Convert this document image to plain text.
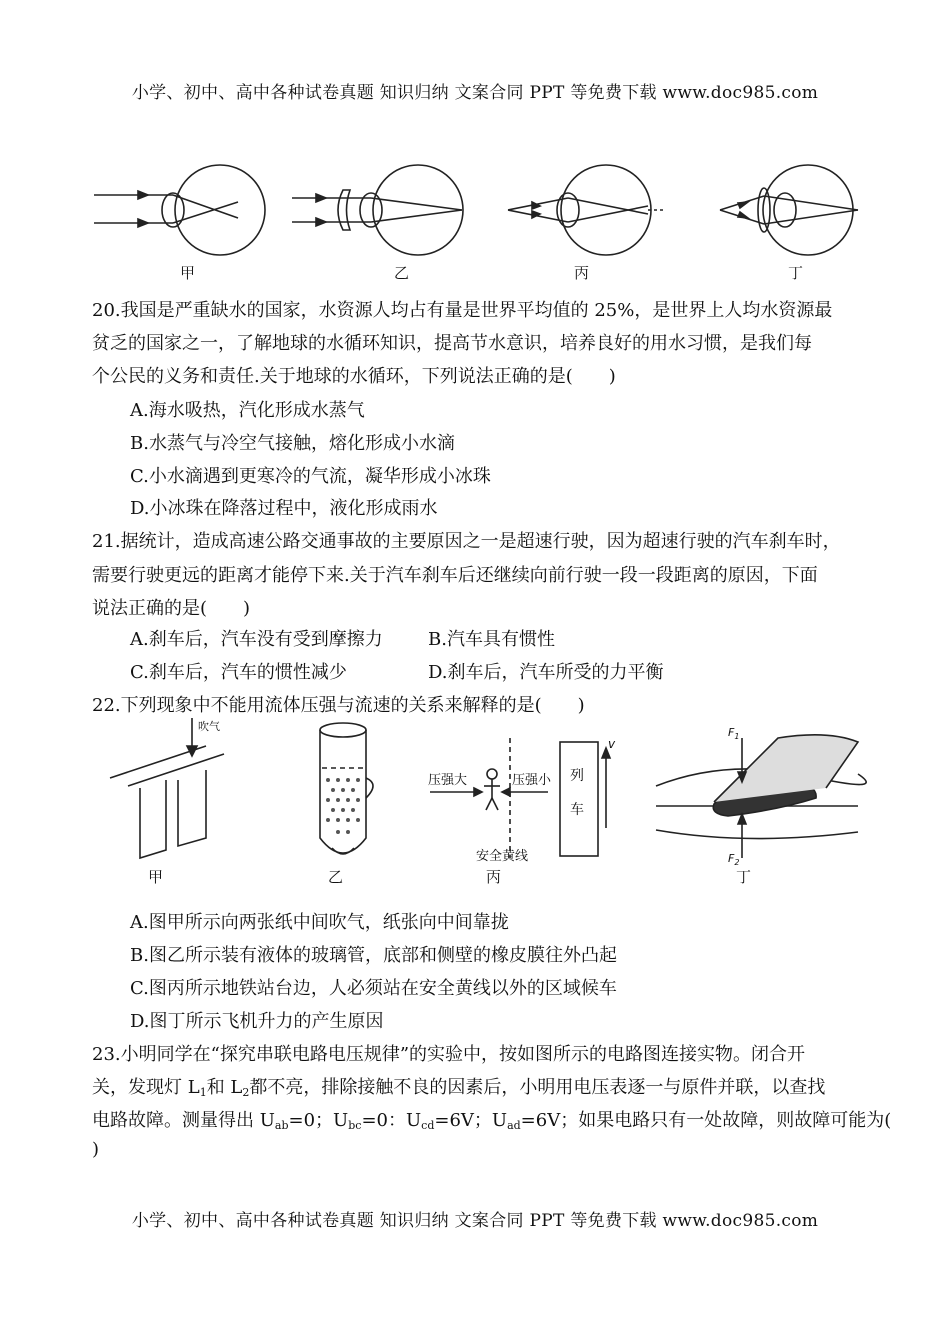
小学、初中、高中各种试卷真题 知识归纳 文案合同 PPT 等免费下载 www.doc985.com
甲	乙	丙	丁
20.我国是严重缺水的国家，水资源人均占有量是世界平均值的 25%，是世界上人均水资源最
贫乏的国家之一，了解地球的水循环知识，提高节水意识，培养良好的用水习惯，是我们每
个公民的义务和责任.关于地球的水循环，下列说法正确的是(　　)
A.海水吸热，汽化形成水蒸气
B.水蒸气与冷空气接触，熔化形成小水滴
C.小水滴遇到更寒冷的气流，凝华形成小冰珠
D.小冰珠在降落过程中，液化形成雨水
21.据统计，造成高速公路交通事故的主要原因之一是超速行驶，因为超速行驶的汽车刹车时，
需要行驶更远的距离才能停下来.关于汽车刹车后还继续向前行驶一段一段距离的原因，下面
说法正确的是(　　)
A.刹车后，汽车没有受到摩擦力	B.汽车具有惯性
C.刹车后，汽车的惯性减少	D.刹车后，汽车所受的力平衡
22.下列现象中不能用流体压强与流速的关系来解释的是(　　)
吹气
压强大	压强小 列
车
v
安全黄线
$F_1$
$F_2$
甲	乙	丙	丁
A.图甲所示向两张纸中间吹气，纸张向中间靠拢
B.图乙所示装有液体的玻璃管，底部和侧壁的橡皮膜往外凸起
C.图丙所示地铁站台边，人必须站在安全黄线以外的区域候车
D.图丁所示飞机升力的产生原因
23.小明同学在“探究串联电路电压规律”的实验中，按如图所示的电路图连接实物。闭合开
关，发现灯 $L_1$和 $L_2$都不亮，排除接触不良的因素后，小明用电压表逐一与原件并联，以查找
电路故障。测量得出 $U_{ab}=0$；$U_{bc}=0$：$U_{cd}=6V$；$U_{ad}=6V$；如果电路只有一处故障，则故障可能为(
)
小学、初中、高中各种试卷真题 知识归纳 文案合同 PPT 等免费下载 www.doc985.com
